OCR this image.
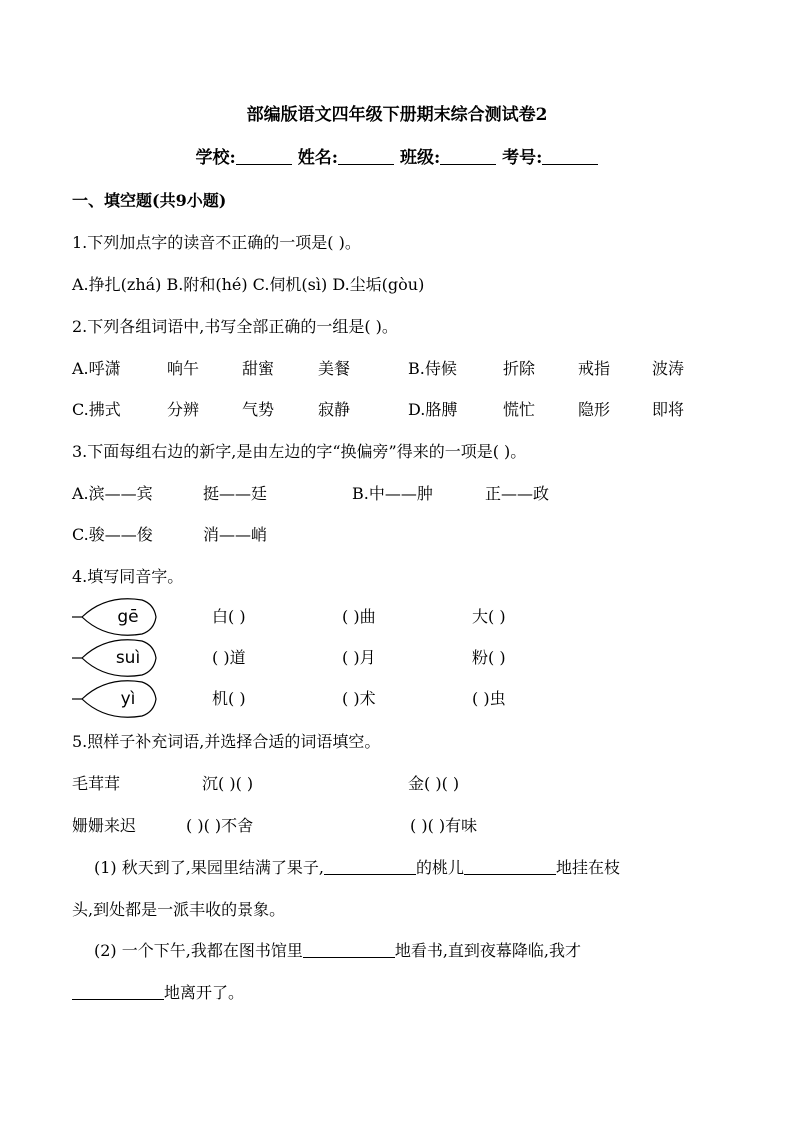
部编版语文四年级下册期末综合测试卷2
学校:	姓名:	班级:	考号:
一、填空题(共9小题)
1.下列加点字的读音不正确的一项是( )。
A.挣扎(zhá) B.附和(hé) C.伺机(sì) D.尘垢(gòu)
2.下列各组词语中,书写全部正确的一组是( )。
A.呼潇	响午	甜蜜	美餐	B.侍候	折除	戒指	波涛
C.拂式	分辨	气势	寂静	D.胳膊	慌忙	隐形	即将
3.下面每组右边的新字,是由左边的字“换偏旁”得来的一项是( )。
A.滨——宾	挺——廷	B.中——肿	正——政
C.骏——俊	消——峭
4.填写同音字。
gē	白( )	( )曲	大( )
suì	( )道	( )月	粉( )
yì	机( )	( )术	( )虫
5.照样子补充词语,并选择合适的词语填空。
毛茸茸	沉( )( )	金( )( )
姗姗来迟	( )( )不舍	( )( )有味
(1) 秋天到了,果园里结满了果子,	的桃儿	地挂在枝
头,到处都是一派丰收的景象。
(2) 一个下午,我都在图书馆里	地看书,直到夜幕降临,我才
地离开了。
